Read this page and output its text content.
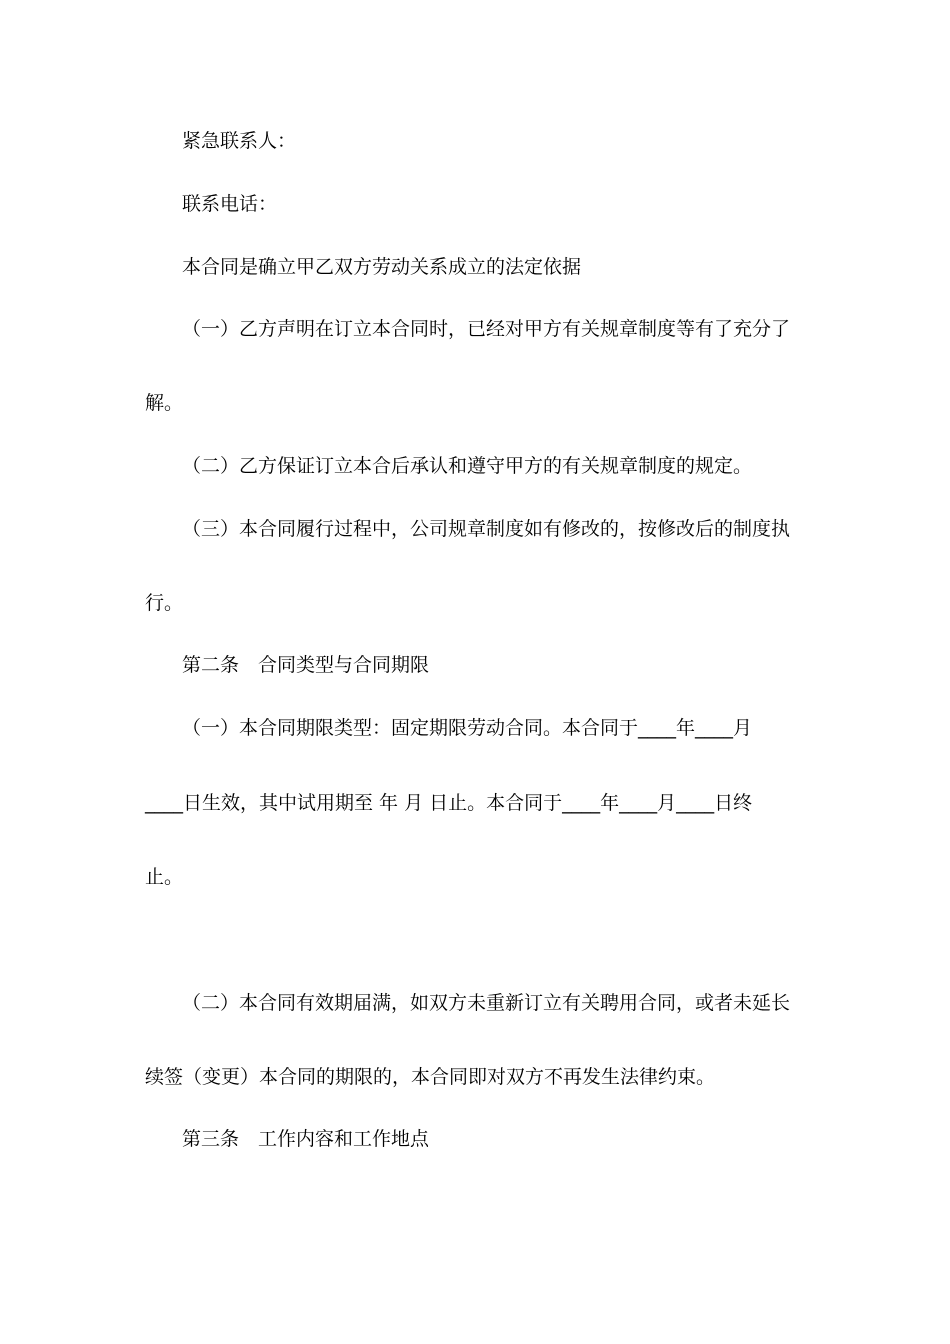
紧急联系人：
联系电话：
本合同是确立甲乙双方劳动关系成立的法定依据
（一）乙方声明在订立本合同时，已经对甲方有关规章制度等有了充分了
解。
（二）乙方保证订立本合后承认和遵守甲方的有关规章制度的规定。
（三）本合同履行过程中，公司规章制度如有修改的，按修改后的制度执
行。
第二条　合同类型与合同期限
（一）本合同期限类型：固定期限劳动合同。本合同于____年____月
____日生效，其中试用期至 年 月 日止。本合同于____年____月____日终
止。
（二）本合同有效期届满，如双方未重新订立有关聘用合同，或者未延长
续签（变更）本合同的期限的，本合同即对双方不再发生法律约束。
第三条　工作内容和工作地点
